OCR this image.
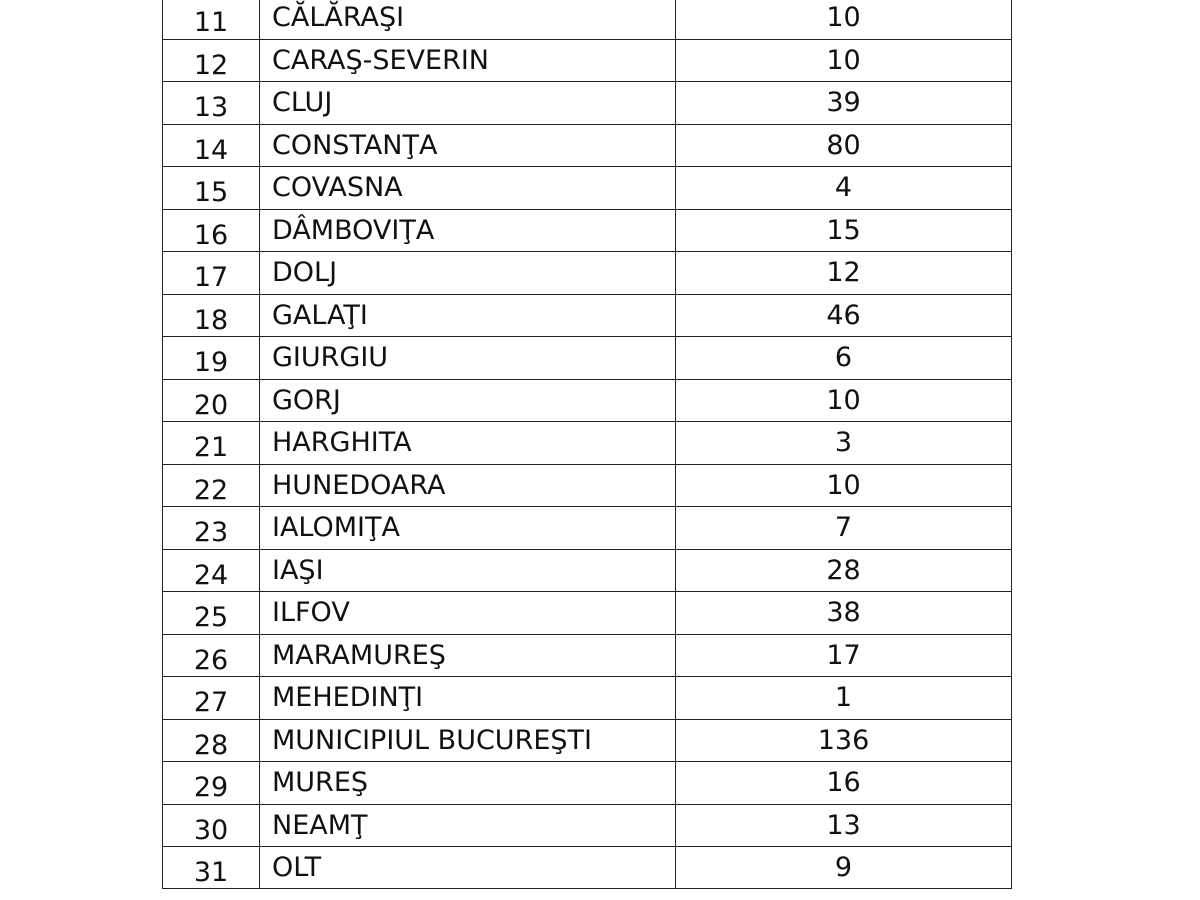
11	CĂLĂRAŞI	10
12	CARAŞ-SEVERIN	10
13	CLUJ	39
14	CONSTANŢA	80
15	COVASNA	4
16	DÂMBOVIŢA	15
17	DOLJ	12
18	GALAŢI	46
19	GIURGIU	6
20	GORJ	10
21	HARGHITA	3
22	HUNEDOARA	10
23	IALOMIŢA	7
24	IAŞI	28
25	ILFOV	38
26	MARAMUREŞ	17
27	MEHEDINŢI	1
28	MUNICIPIUL BUCUREŞTI	136
29	MUREŞ	16
30	NEAMŢ	13
31	OLT	9
